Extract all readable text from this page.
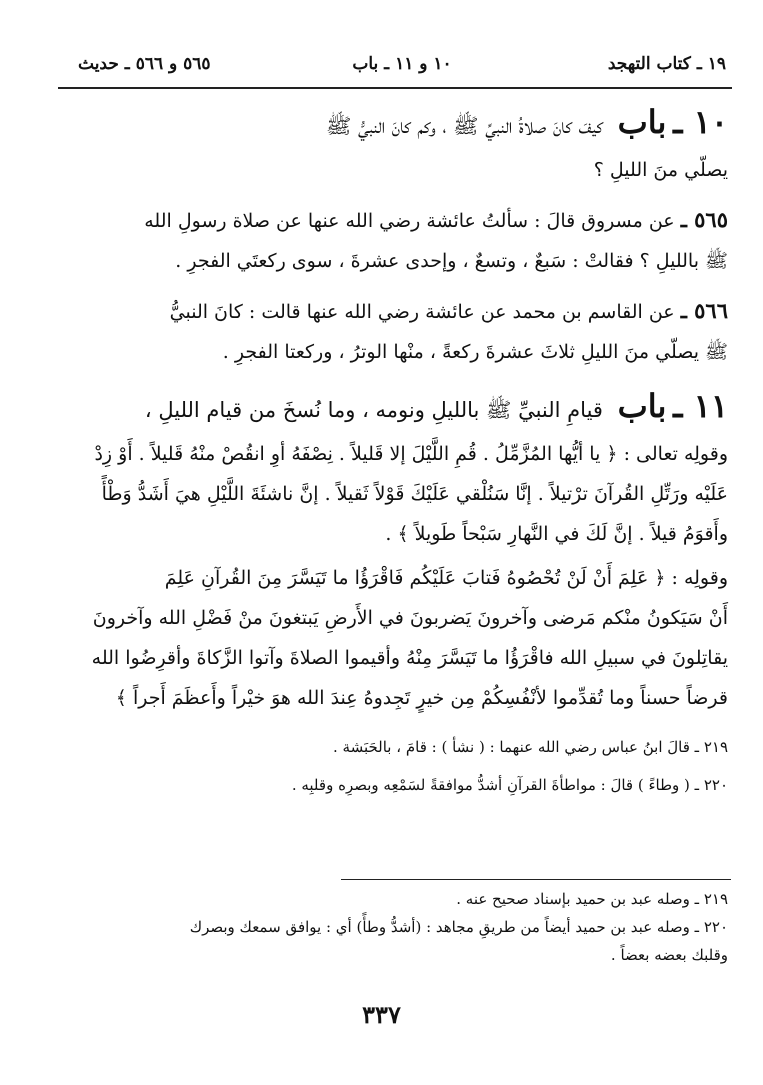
١٩ ـ كتاب التهجد
١٠ و ١١ ـ باب
٥٦٥ و ٥٦٦ ـ حديث

١٠ ـ باب كيفَ كانَ صلاةُ النبيِّ ﷺ ، وكم كانَ النبيُّ ﷺ

يصلّي منَ الليلِ ؟

٥٦٥ ـ عن مسروق قالَ : سألتُ عائشة رضي الله عنها عن صلاة رسولِ الله

ﷺ بالليلِ ؟ فقالتْ : سَبعٌ ، وتسعٌ ، وإحدى عشرةَ ، سوى ركعتَي الفجرِ .

٥٦٦ ـ عن القاسم بن محمد عن عائشة رضي الله عنها قالت : كانَ النبيُّ

ﷺ يصلّي منَ الليلِ ثلاثَ عشرةَ ركعةً ، منْها الوترُ ، وركعتا الفجرِ .

١١ ـ باب قيامِ النبيِّ ﷺ بالليلِ ونومه ، وما نُسخَ من قيام الليلِ ،

وقولِه تعالى : ﴿ يا أيُّها المُزَّمِّلُ . قُمِ اللَّيْلَ إلا قَليلاً . نِصْفَهُ أوِ انقُصْ منْهُ قَليلاً . أَوْ زِدْ

عَلَيْه ورَتِّلِ القُرآنَ ترْتيلاً . إنَّا سَنُلْقي عَلَيْكَ قَوْلاً ثَقيلاً . إنَّ ناشئَةَ اللَّيْلِ هيَ أَشَدُّ وَطْأً

وأَقوَمُ قيلاً . إنَّ لَكَ في النَّهارِ سَبْحاً طَويلاً ﴾ .

وقولِه : ﴿ عَلِمَ أَنْ لَنْ تُحْصُوهُ فَتابَ عَلَيْكُم فَاقْرَؤُا ما تَيَسَّرَ مِنَ القُرآنِ عَلِمَ

أَنْ سَيَكونُ منْكم مَرضى وآخرونَ يَضربونَ في الأَرضِ يَبتغونَ منْ فَضْلِ الله وآخرونَ

يقاتِلونَ في سبيلِ الله فاقْرَؤُا ما تَيَسَّرَ مِنْهُ وأقيموا الصلاةَ وآتوا الزَّكاةَ وأقرِضُوا الله

قرضاً حسناً وما تُقدِّموا لأنْفُسِكُمْ مِن خيرٍ تَجِدوهُ عِندَ الله هوَ خيْراً وأَعظَمَ أَجراً ﴾

٢١٩ ـ قالَ ابنُ عباس رضي الله عنهما : ( نشأ ) : قامَ ، بالحَبَشة .

٢٢٠ ـ ( وطاءً ) قالَ : مواطأةَ القرآنِ أشدُّ موافقةً لسَمْعِه وبصرِه وقلبِه .

٢١٩ ـ وصله عبد بن حميد بإسناد صحيح عنه .

٢٢٠ ـ وصله عبد بن حميد أيضاً من طريقِ مجاهد : (أشدُّ وطأً) أي : يوافق سمعك وبصرك

وقلبك بعضه بعضاً .

٣٣٧
